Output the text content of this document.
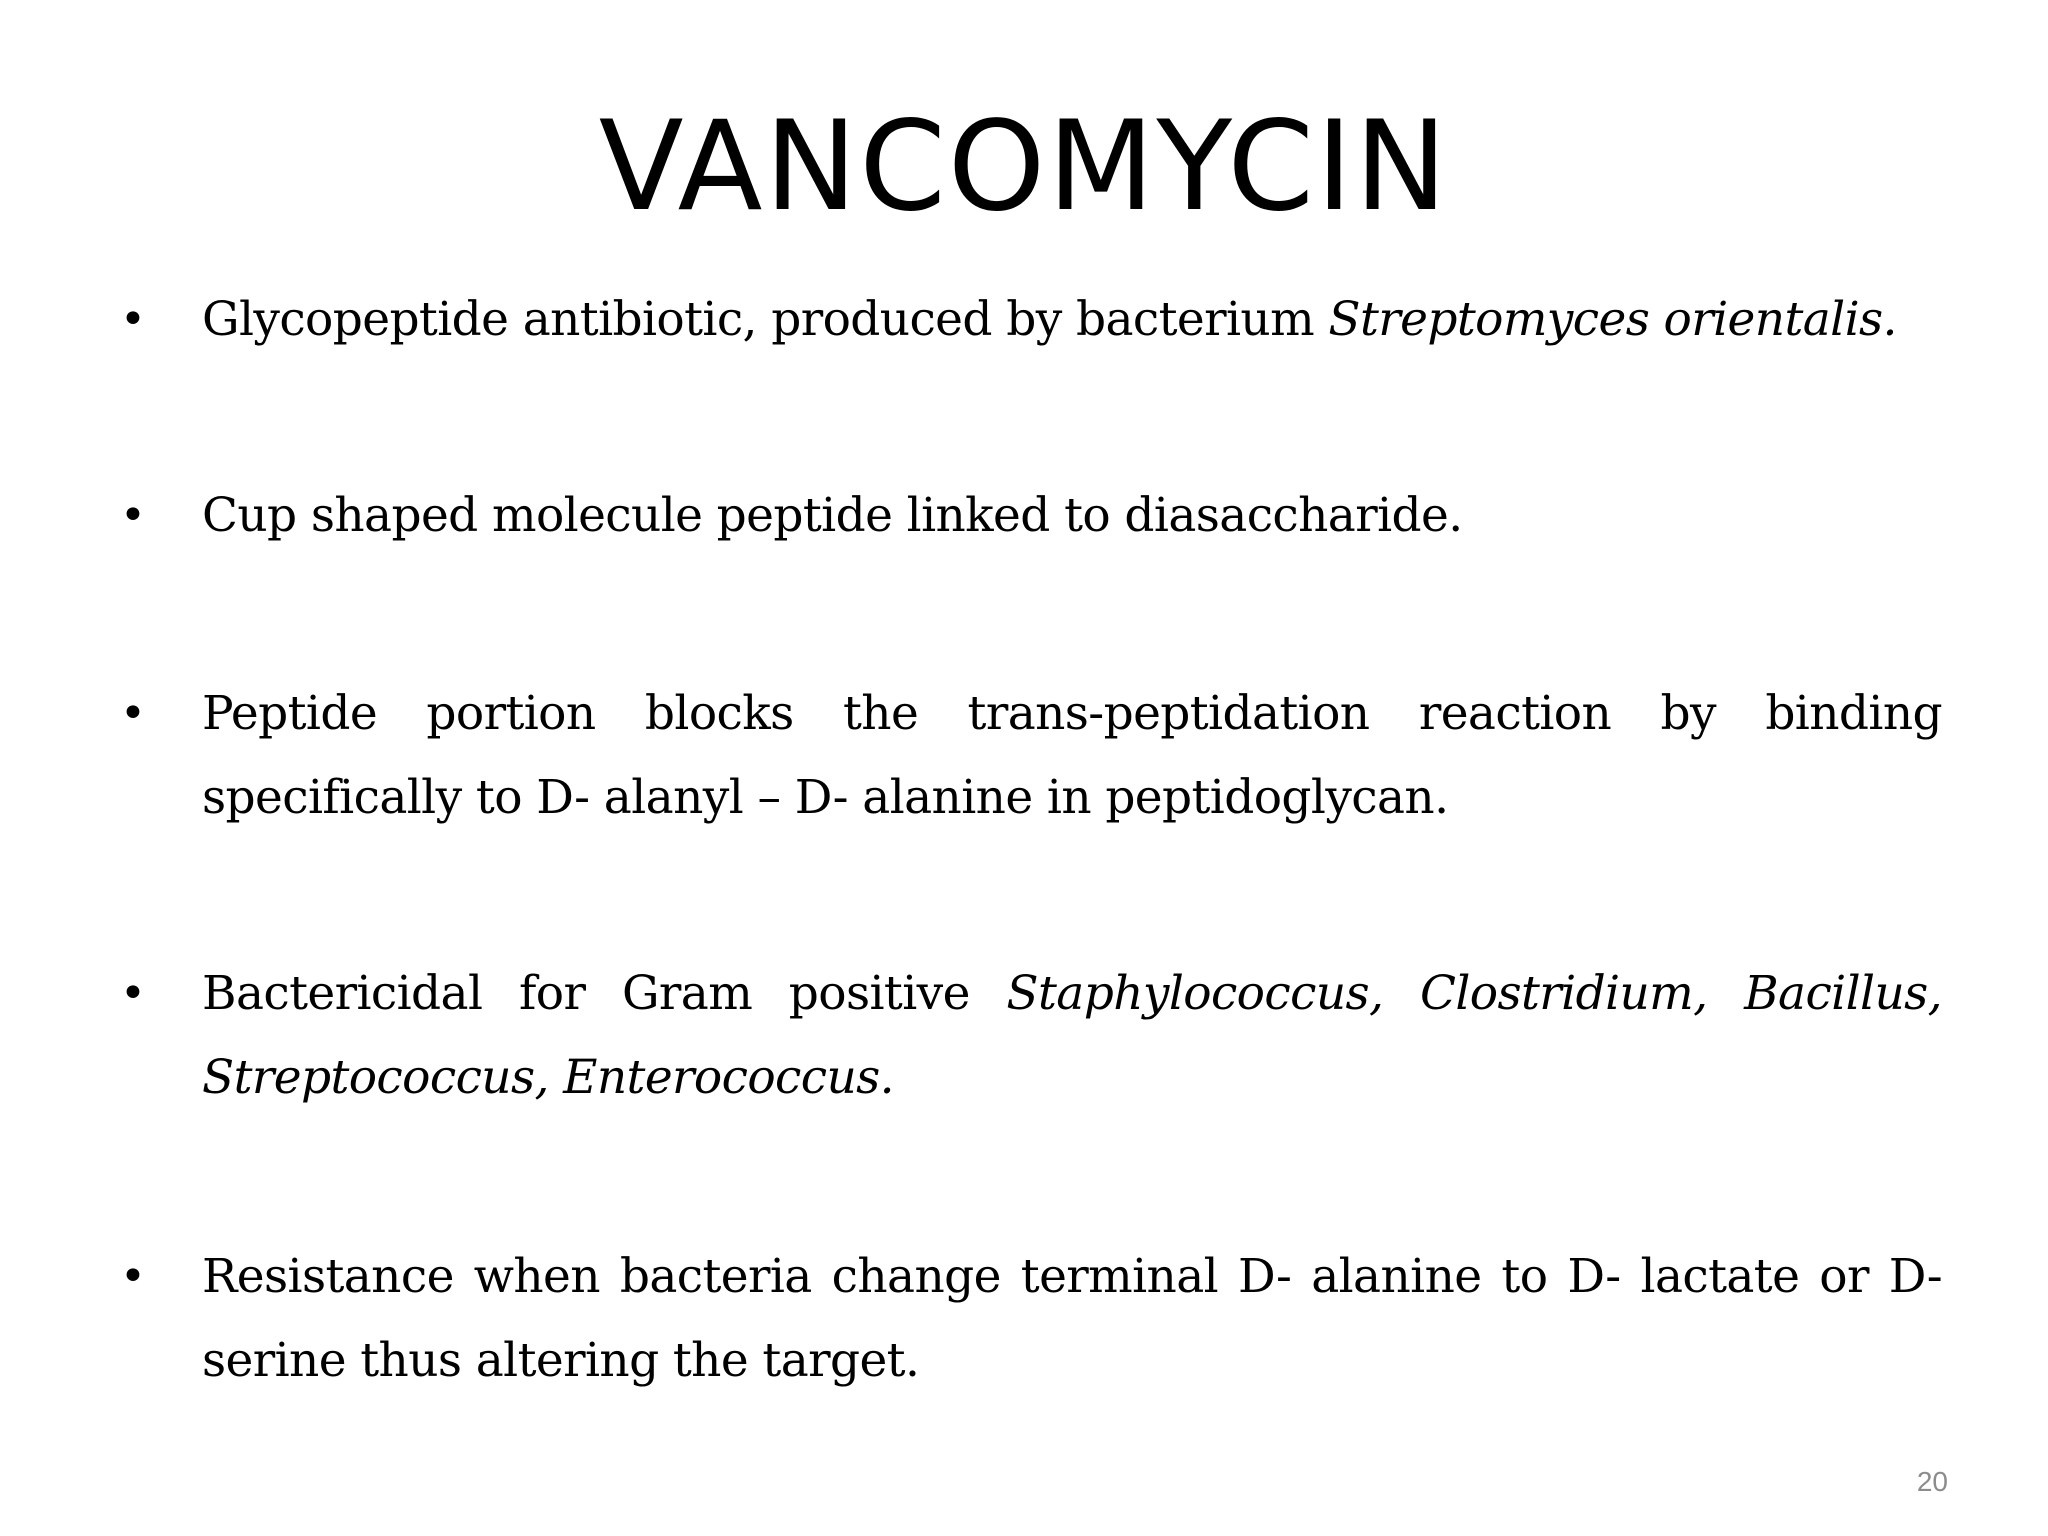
VANCOMYCIN
• Glycopeptide antibiotic, produced by bacterium Streptomyces orientalis.
• Cup shaped molecule peptide linked to diasaccharide.
• Peptide portion blocks the trans-peptidation reaction by binding specifically to D- alanyl – D- alanine in peptidoglycan.
• Bactericidal for Gram positive Staphylococcus, Clostridium, Bacillus, Streptococcus, Enterococcus.
• Resistance when bacteria change terminal D- alanine to D- lactate or D-serine thus altering the target.
20
